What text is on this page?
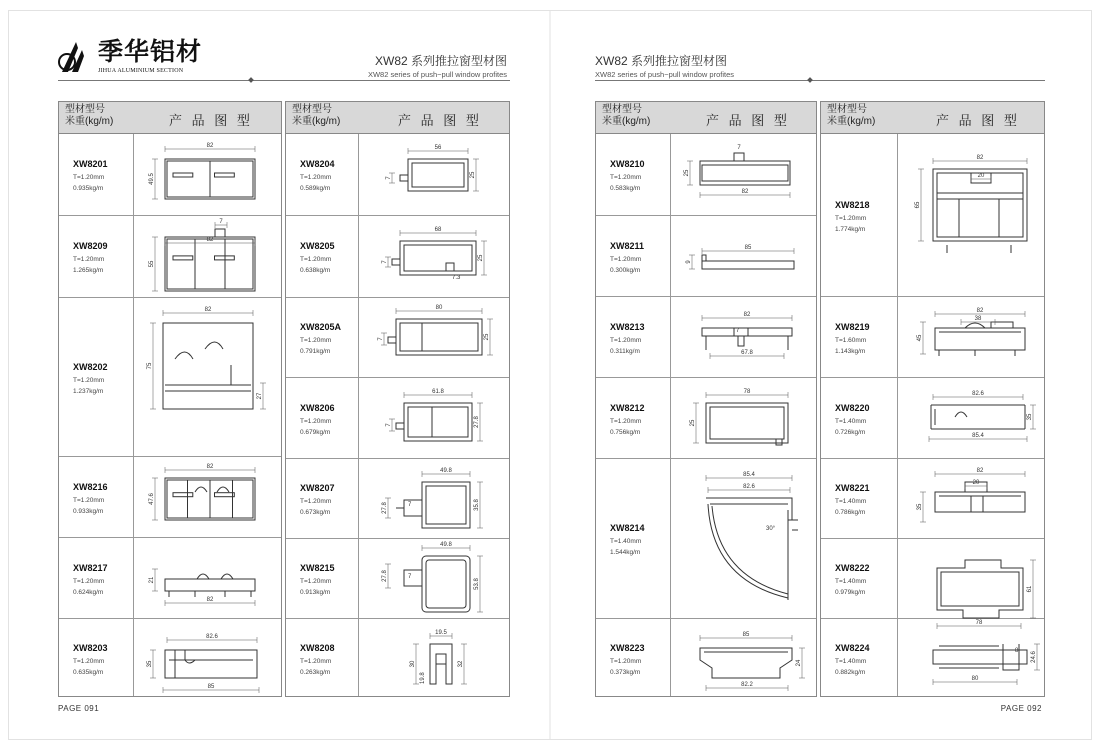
季华铝材
JIHUA ALUMINIUM SECTION
XW82 系列推拉窗型材图
XW82 series of push−pull window profites
型材型号
米重(kg/m)	产 品 图 型
XW8201
T=1.20mm
0.935kg/m
82
49.5
XW8209
T=1.20mm
1.265kg/m
82
7
55
XW8202
T=1.20mm
1.237kg/m
82
75
27
XW8216
T=1.20mm
0.933kg/m
82
47.6
XW8217
T=1.20mm
0.624kg/m
21
82
XW8203
T=1.20mm
0.635kg/m
82.6
35
85
型材型号
米重(kg/m)	产 品 图 型
XW8204
T=1.20mm
0.589kg/m
56
7	25
XW8205
T=1.20mm
0.638kg/m
68
7
25
7.3
XW8205A
T=1.20mm
0.791kg/m
80
7	25
XW8206
T=1.20mm
0.679kg/m
61.8
7	27.8
XW8207
T=1.20mm
0.673kg/m
49.8
27.8	7	35.8
XW8215
T=1.20mm
0.913kg/m
49.8
27.8	7
53.8
XW8208
T=1.20mm
0.263kg/m
19.5
30
19.8
32
PAGE 091
XW82 系列推拉窗型材图
XW82 series of push−pull window profites
型材型号
米重(kg/m)	产 品 图 型
XW8210
T=1.20mm
0.583kg/m
7
25
82
XW8211
T=1.20mm
0.300kg/m
85
9
XW8213
T=1.20mm
0.311kg/m
82
7
67.8
XW8212
T=1.20mm
0.756kg/m
78
25
XW8214
T=1.40mm
1.544kg/m
85.4
82.6
30°
XW8223
T=1.20mm
0.373kg/m
85
24
82.2
型材型号
米重(kg/m)	产 品 图 型
XW8218
T=1.20mm
1.774kg/m
82
20
65
XW8219
T=1.60mm
1.143kg/m
82
38
45
XW8220
T=1.40mm
0.726kg/m
82.6
35
85.4
XW8221
T=1.40mm
0.786kg/m
82
20
35
XW8222
T=1.40mm
0.979kg/m	61
78
XW8224
T=1.40mm
0.882kg/m
8
24.6
80
PAGE 092
